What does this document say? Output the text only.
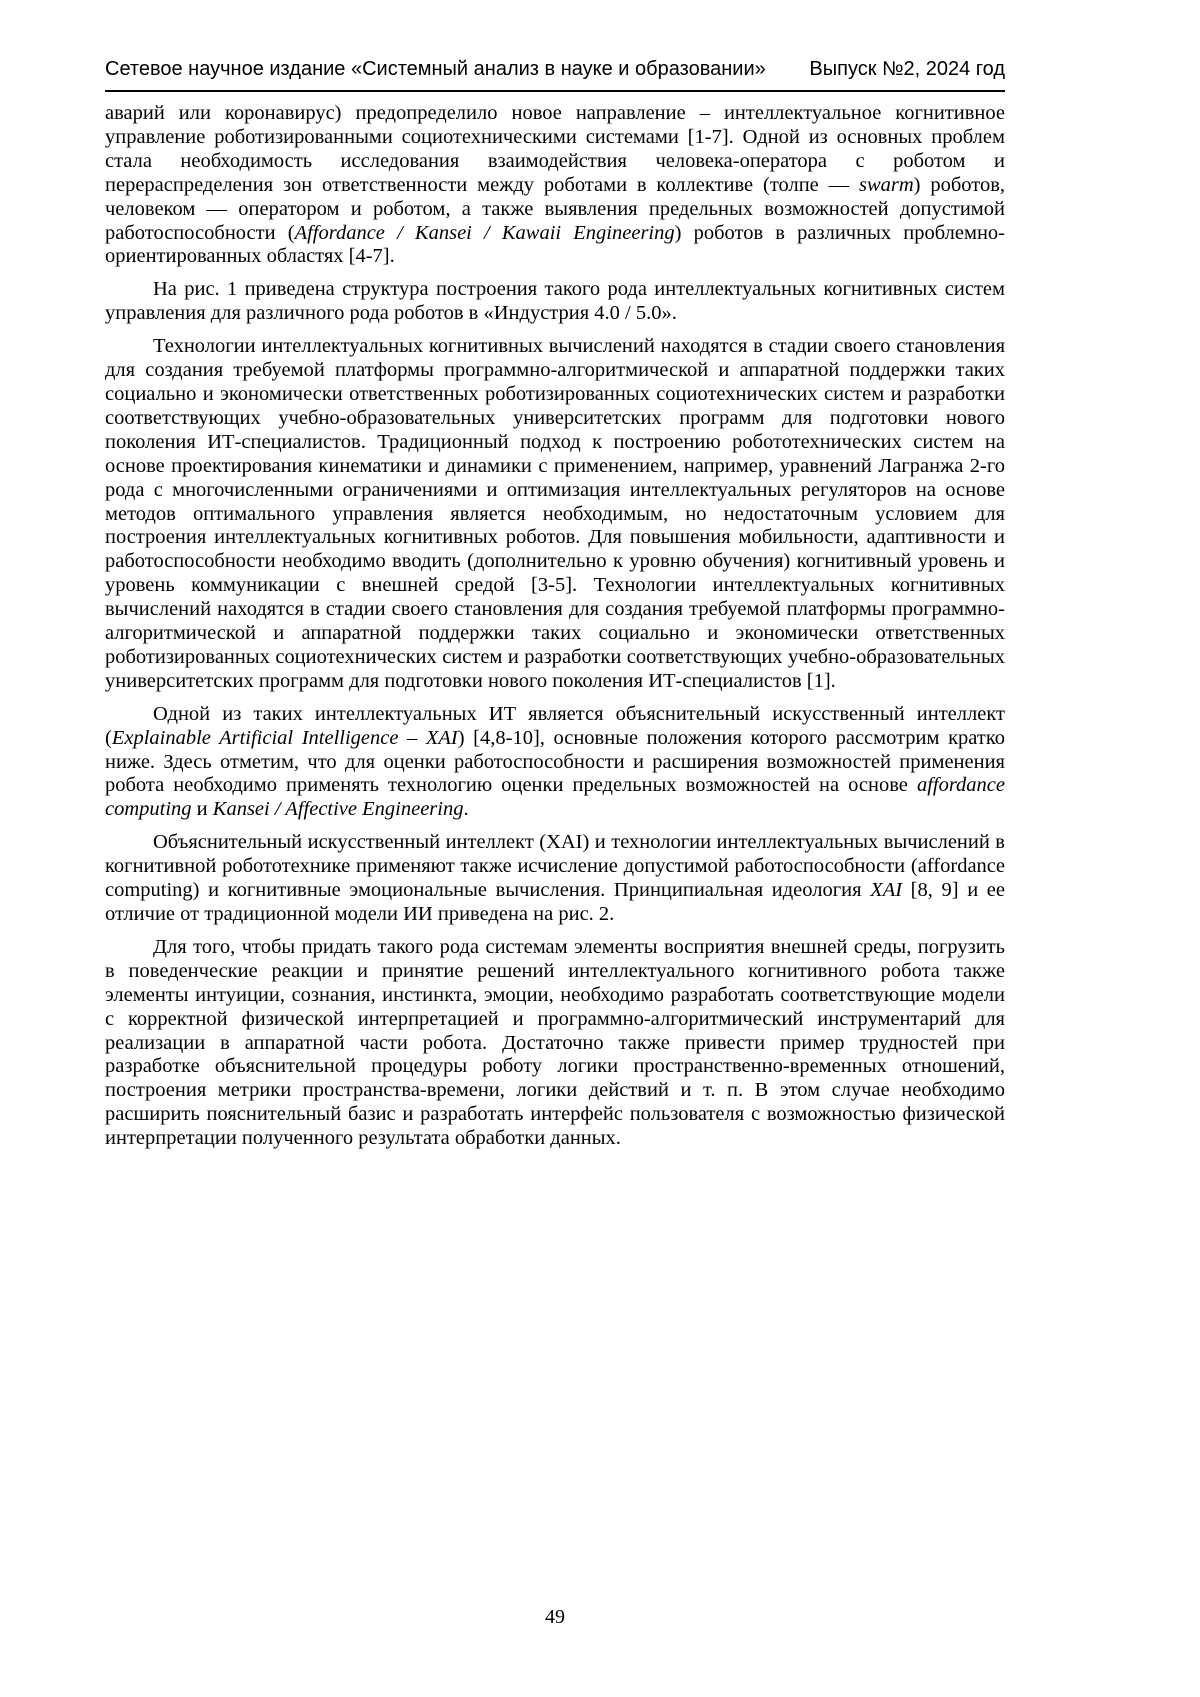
Сетевое научное издание «Системный анализ в науке и образовании» Выпуск №2, 2024 год

аварий или коронавирус) предопределило новое направление – интеллектуальное когнитивное управление роботизированными социотехническими системами [1-7]. Одной из основных проблем стала необходимость исследования взаимодействия человека-оператора с роботом и перераспределения зон ответственности между роботами в коллективе (толпе — swarm) роботов, человеком — оператором и роботом, а также выявления предельных возможностей допустимой работоспособности (Affordance / Kansei / Kawaii Engineering) роботов в различных проблемно-ориентированных областях [4-7].

На рис. 1 приведена структура построения такого рода интеллектуальных когнитивных систем управления для различного рода роботов в «Индустрия 4.0 / 5.0».

Технологии интеллектуальных когнитивных вычислений находятся в стадии своего становления для создания требуемой платформы программно-алгоритмической и аппаратной поддержки таких социально и экономически ответственных роботизированных социотехнических систем и разработки соответствующих учебно-образовательных университетских программ для подготовки нового поколения ИТ-специалистов. Традиционный подход к построению робототехнических систем на основе проектирования кинематики и динамики с применением, например, уравнений Лагранжа 2-го рода с многочисленными ограничениями и оптимизация интеллектуальных регуляторов на основе методов оптимального управления является необходимым, но недостаточным условием для построения интеллектуальных когнитивных роботов. Для повышения мобильности, адаптивности и работоспособности необходимо вводить (дополнительно к уровню обучения) когнитивный уровень и уровень коммуникации с внешней средой [3-5]. Технологии интеллектуальных когнитивных вычислений находятся в стадии своего становления для создания требуемой платформы программно-алгоритмической и аппаратной поддержки таких социально и экономически ответственных роботизированных социотехнических систем и разработки соответствующих учебно-образовательных университетских программ для подготовки нового поколения ИТ-специалистов [1].

Одной из таких интеллектуальных ИТ является объяснительный искусственный интеллект (Explainable Artificial Intelligence – XAI) [4,8-10], основные положения которого рассмотрим кратко ниже. Здесь отметим, что для оценки работоспособности и расширения возможностей применения робота необходимо применять технологию оценки предельных возможностей на основе affordance computing и Kansei / Affective Engineering.

Объяснительный искусственный интеллект (XAI) и технологии интеллектуальных вычислений в когнитивной робототехнике применяют также исчисление допустимой работоспособности (affordance computing) и когнитивные эмоциональные вычисления. Принципиальная идеология XAI [8, 9] и ее отличие от традиционной модели ИИ приведена на рис. 2.

Для того, чтобы придать такого рода системам элементы восприятия внешней среды, погрузить в поведенческие реакции и принятие решений интеллектуального когнитивного робота также элементы интуиции, сознания, инстинкта, эмоции, необходимо разработать соответствующие модели с корректной физической интерпретацией и программно-алгоритмический инструментарий для реализации в аппаратной части робота. Достаточно также привести пример трудностей при разработке объяснительной процедуры роботу логики пространственно-временных отношений, построения метрики пространства-времени, логики действий и т. п. В этом случае необходимо расширить пояснительный базис и разработать интерфейс пользователя с возможностью физической интерпретации полученного результата обработки данных.

49
